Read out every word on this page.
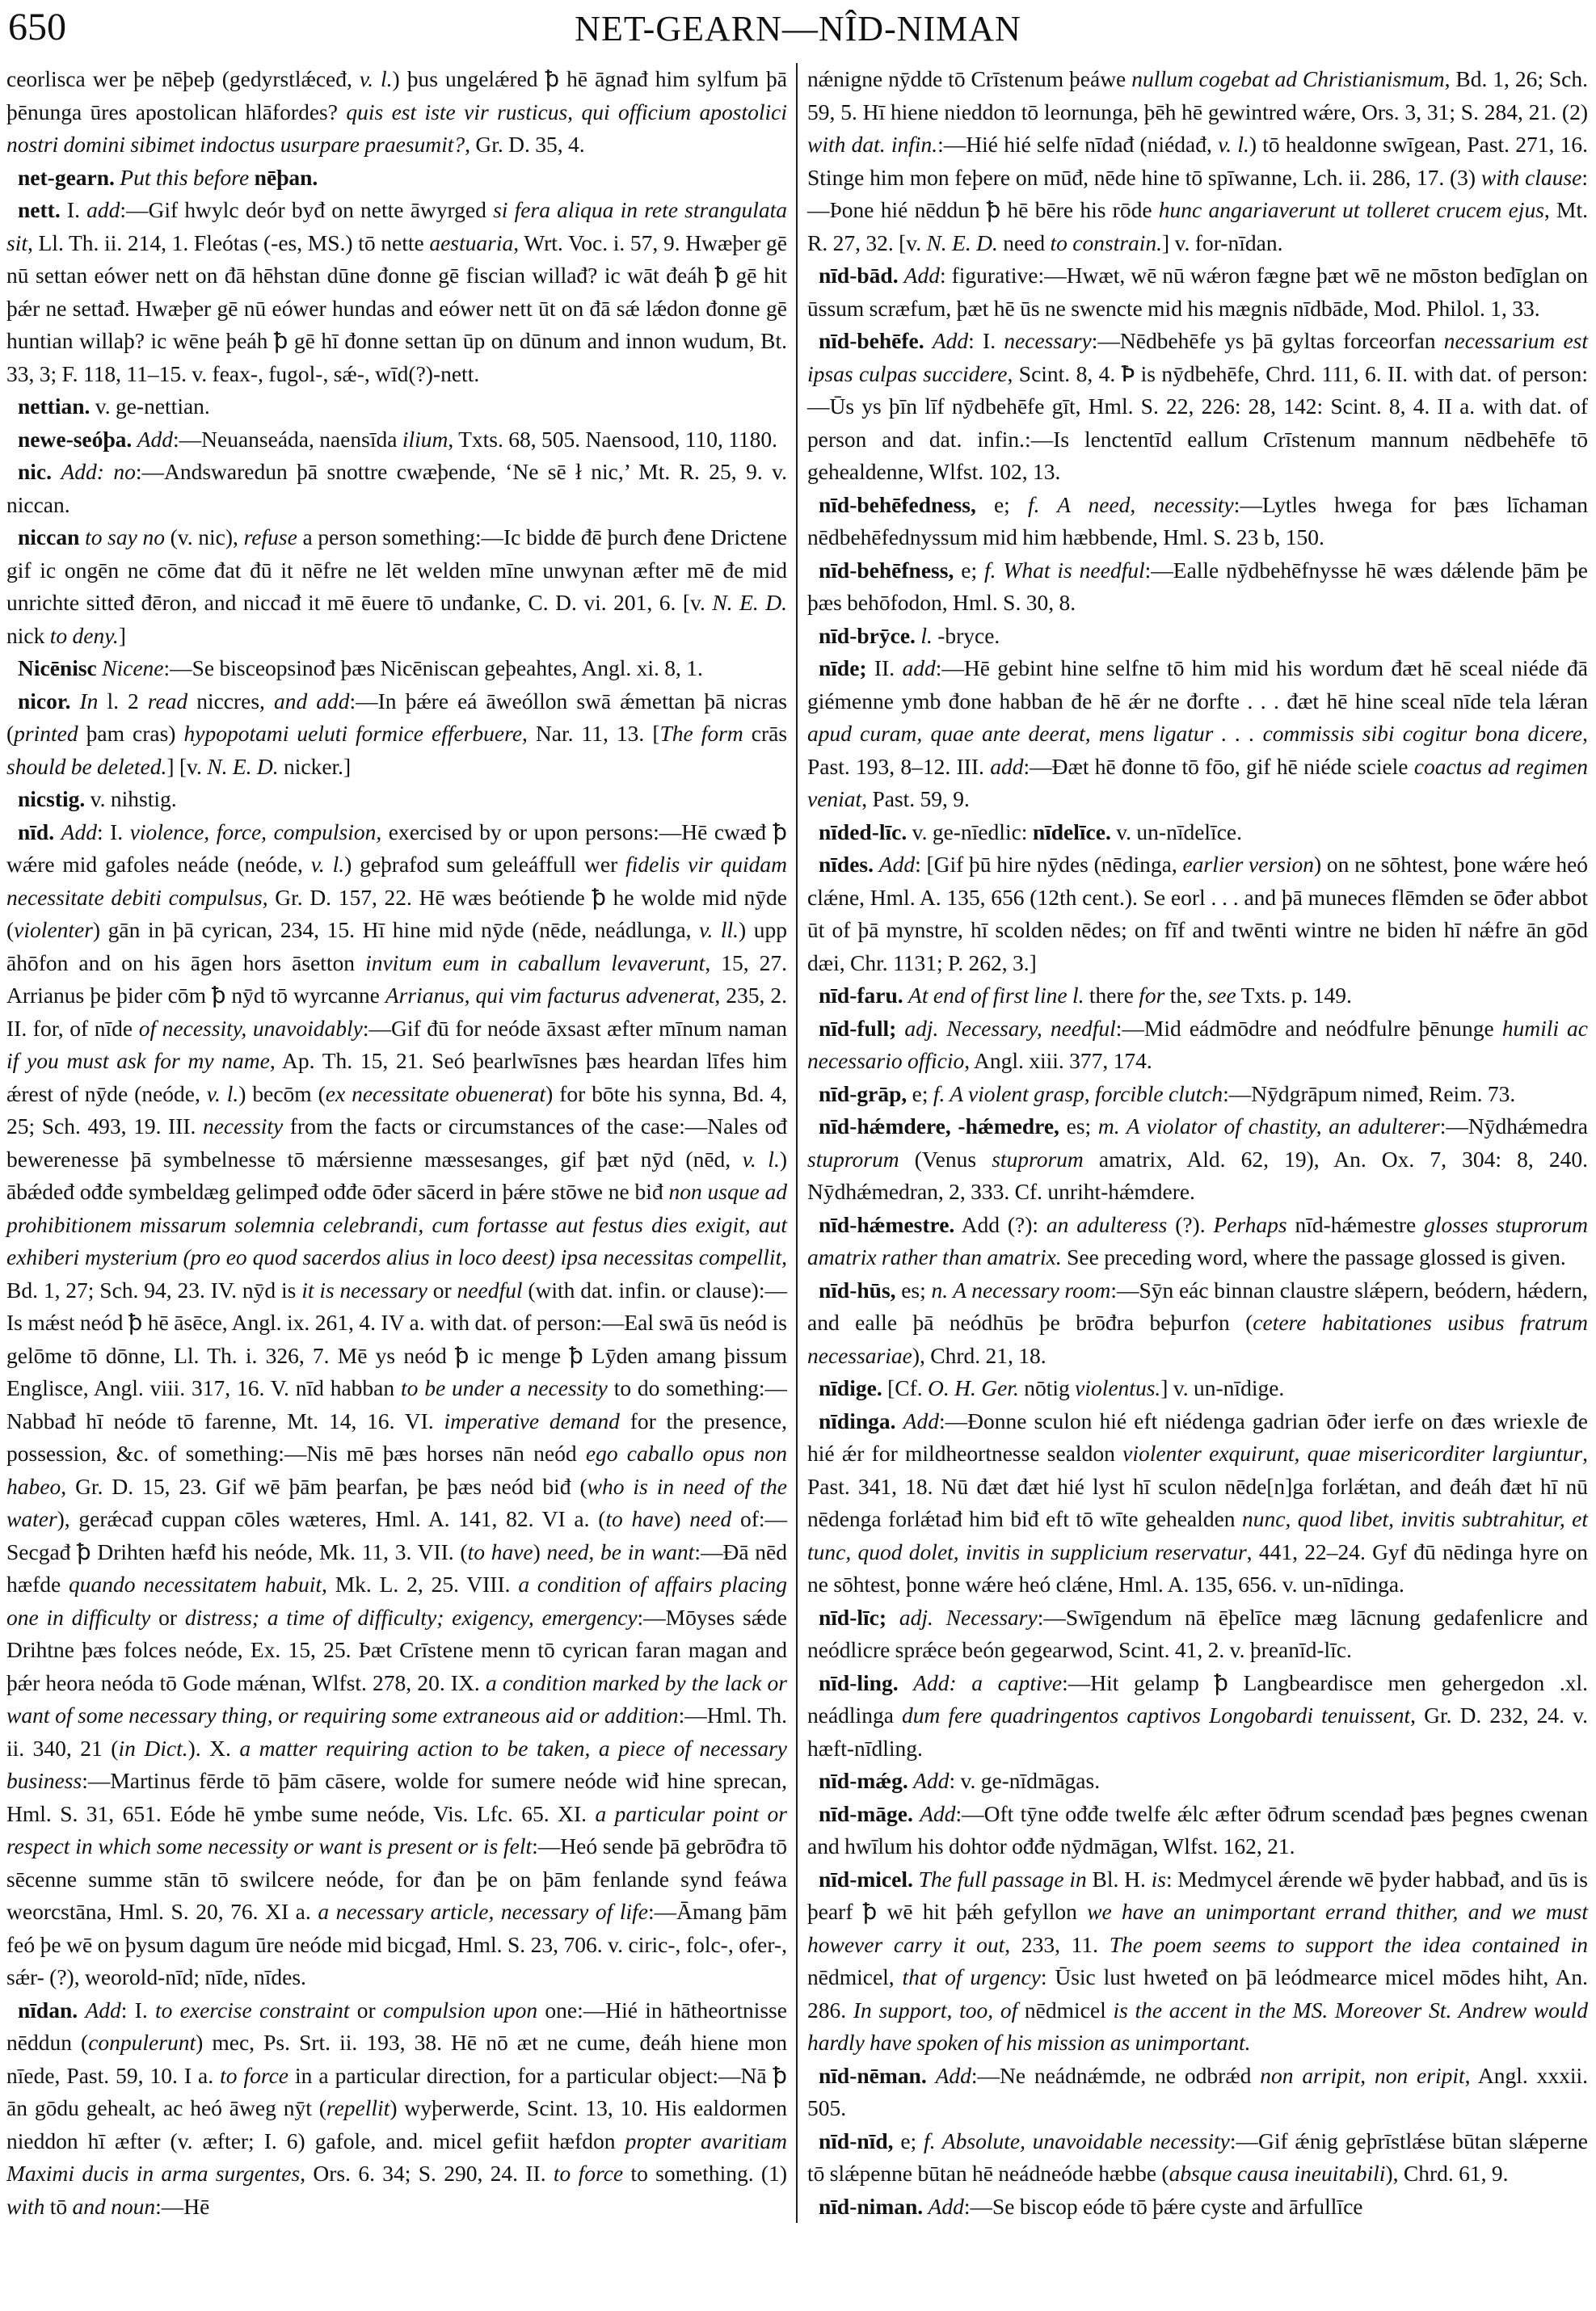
650	NET-GEARN—NÎD-NIMAN

ceorlisca wer þe nēþeþ (gedyrstlǽceđ, v. l.) þus ungelǽred ꝥ hē āgnađ him sylfum þā þēnunga ūres apostolican hlāfordes? quis est iste vir rusticus, qui officium apostolici nostri domini sibimet indoctus usurpare praesumit?, Gr. D. 35, 4.

net-gearn. Put this before nēþan.

nett. I. add:—Gif hwylc deór byđ on nette āwyrged si fera aliqua in rete strangulata sit, Ll. Th. ii. 214, 1. Fleótas (-es, MS.) tō nette aestuaria, Wrt. Voc. i. 57, 9. Hwæþer gē nū settan eówer nett on đā hēhstan dūne đonne gē fiscian willađ? ic wāt đeáh ꝥ gē hit þǽr ne settađ. Hwæþer gē nū eówer hundas and eówer nett ūt on đā sǽ lǽdon đonne gē huntian willaþ? ic wēne þeáh ꝥ gē hī đonne settan ūp on dūnum and innon wudum, Bt. 33, 3; F. 118, 11–15. v. feax-, fugol-, sǽ-, wīd(?)-nett.

nettian. v. ge-nettian.

newe-seóþa. Add:—Neuanseáda, naensīda ilium, Txts. 68, 505. Naensood, 110, 1180.

nic. Add: no:—Andswaredun þā snottre cwæþende, ‘Ne sē ł nic,’ Mt. R. 25, 9. v. niccan.

niccan to say no (v. nic), refuse a person something:—Ic bidde đē þurch đene Drictene gif ic ongēn ne cōme đat đū it nēfre ne lēt welden mīne unwynan æfter mē đe mid unrichte sitteđ đēron, and niccađ it mē ēuere tō unđanke, C. D. vi. 201, 6. [v. N. E. D. nick to deny.]

Nicēnisc Nicene:—Se bisceopsinođ þæs Nicēniscan geþeahtes, Angl. xi. 8, 1.

nicor. In l. 2 read niccres, and add:—In þǽre eá āweóllon swā ǽmettan þā nicras (printed þam cras) hypopotami ueluti formice efferbuere, Nar. 11, 13. [The form crās should be deleted.] [v. N. E. D. nicker.]

nicstig. v. nihstig.

nīd. Add: I. violence, force, compulsion, exercised by or upon persons:—Hē cwæđ ꝥ wǽre mid gafoles neáde (neóde, v. l.) geþrafod sum geleáffull wer fidelis vir quidam necessitate debiti compulsus, Gr. D. 157, 22. Hē wæs beótiende ꝥ he wolde mid nȳde (violenter) gān in þā cyrican, 234, 15. Hī hine mid nȳde (nēde, neádlunga, v. ll.) upp āhōfon and on his āgen hors āsetton invitum eum in caballum levaverunt, 15, 27. Arrianus þe þider cōm ꝥ nȳd tō wyrcanne Arrianus, qui vim facturus advenerat, 235, 2. II. for, of nīde of necessity, unavoidably:—Gif đū for neóde āxsast æfter mīnum naman if you must ask for my name, Ap. Th. 15, 21. Seó þearlwīsnes þæs heardan līfes him ǽrest of nȳde (neóde, v. l.) becōm (ex necessitate obuenerat) for bōte his synna, Bd. 4, 25; Sch. 493, 19. III. necessity from the facts or circumstances of the case:—Nales ođ bewerenesse þā symbelnesse tō mǽrsienne mæssesanges, gif þæt nȳd (nēd, v. l.) ābǽdeđ ođđe symbeldæg gelimpeđ ođđe ōđer sācerd in þǽre stōwe ne biđ non usque ad prohibitionem missarum solemnia celebrandi, cum fortasse aut festus dies exigit, aut exhiberi mysterium (pro eo quod sacerdos alius in loco deest) ipsa necessitas compellit, Bd. 1, 27; Sch. 94, 23. IV. nȳd is it is necessary or needful (with dat. infin. or clause):—Is mǽst neód ꝥ hē āsēce, Angl. ix. 261, 4. IV a. with dat. of person:—Eal swā ūs neód is gelōme tō dōnne, Ll. Th. i. 326, 7. Mē ys neód ꝥ ic menge ꝥ Lȳden amang þissum Englisce, Angl. viii. 317, 16. V. nīd habban to be under a necessity to do something:—Nabbađ hī neóde tō farenne, Mt. 14, 16. VI. imperative demand for the presence, possession, &c. of something:—Nis mē þæs horses nān neód ego caballo opus non habeo, Gr. D. 15, 23. Gif wē þām þearfan, þe þæs neód biđ (who is in need of the water), gerǽcađ cuppan cōles wæteres, Hml. A. 141, 82. VI a. (to have) need of:—Secgađ ꝥ Drihten hæfđ his neóde, Mk. 11, 3. VII. (to have) need, be in want:—Đā nēd hæfde quando necessitatem habuit, Mk. L. 2, 25. VIII. a condition of affairs placing one in difficulty or distress; a time of difficulty; exigency, emergency:—Mōyses sǽde Drihtne þæs folces neóde, Ex. 15, 25. Þæt Crīstene menn tō cyrican faran magan and þǽr heora neóda tō Gode mǽnan, Wlfst. 278, 20. IX. a condition marked by the lack or want of some necessary thing, or requiring some extraneous aid or addition:—Hml. Th. ii. 340, 21 (in Dict.). X. a matter requiring action to be taken, a piece of necessary business:—Martinus fērde tō þām cāsere, wolde for sumere neóde wiđ hine sprecan, Hml. S. 31, 651. Eóde hē ymbe sume neóde, Vis. Lfc. 65. XI. a particular point or respect in which some necessity or want is present or is felt:—Heó sende þā gebrōđra tō sēcenne summe stān tō swilcere neóde, for đan þe on þām fenlande synd feáwa weorcstāna, Hml. S. 20, 76. XI a. a necessary article, necessary of life:—Āmang þām feó þe wē on þysum dagum ūre neóde mid bicgađ, Hml. S. 23, 706. v. ciric-, folc-, ofer-, sǽr- (?), weorold-nīd; nīde, nīdes.

nīdan. Add: I. to exercise constraint or compulsion upon one:—Hié in hātheortnisse nēddun (conpulerunt) mec, Ps. Srt. ii. 193, 38. Hē nō æt ne cume, đeáh hiene mon nīede, Past. 59, 10. I a. to force in a particular direction, for a particular object:—Nā ꝥ ān gōdu gehealt, ac heó āweg nȳt (repellit) wyþerwerde, Scint. 13, 10. His ealdormen nieddon hī æfter (v. æfter; I. 6) gafole, and. micel gefiit hæfdon propter avaritiam Maximi ducis in arma surgentes, Ors. 6. 34; S. 290, 24. II. to force to something. (1) with tō and noun:—Hē

nǽnigne nȳdde tō Crīstenum þeáwe nullum cogebat ad Christianismum, Bd. 1, 26; Sch. 59, 5. Hī hiene nieddon tō leornunga, þēh hē gewintred wǽre, Ors. 3, 31; S. 284, 21. (2) with dat. infin.:—Hié hié selfe nīdađ (niédađ, v. l.) tō healdonne swīgean, Past. 271, 16. Stinge him mon feþere on mūđ, nēde hine tō spīwanne, Lch. ii. 286, 17. (3) with clause:—Þone hié nēddun ꝥ hē bēre his rōde hunc angariaverunt ut tolleret crucem ejus, Mt. R. 27, 32. [v. N. E. D. need to constrain.] v. for-nīdan.

nīd-bād. Add: figurative:—Hwæt, wē nū wǽron fægne þæt wē ne mōston bedīglan on ūssum scræfum, þæt hē ūs ne swencte mid his mægnis nīdbāde, Mod. Philol. 1, 33.

nīd-behēfe. Add: I. necessary:—Nēdbehēfe ys þā gyltas forceorfan necessarium est ipsas culpas succidere, Scint. 8, 4. Ꝥ is nȳdbehēfe, Chrd. 111, 6. II. with dat. of person:—Ūs ys þīn līf nȳdbehēfe gīt, Hml. S. 22, 226: 28, 142: Scint. 8, 4. II a. with dat. of person and dat. infin.:—Is lenctentīd eallum Crīstenum mannum nēdbehēfe tō gehealdenne, Wlfst. 102, 13.

nīd-behēfedness, e; f. A need, necessity:—Lytles hwega for þæs līchaman nēdbehēfednyssum mid him hæbbende, Hml. S. 23 b, 150.

nīd-behēfness, e; f. What is needful:—Ealle nȳdbehēfnysse hē wæs dǽlende þām þe þæs behōfodon, Hml. S. 30, 8.

nīd-brȳce. l. -bryce.

nīde; II. add:—Hē gebint hine selfne tō him mid his wordum đæt hē sceal niéde đā giémenne ymb đone habban đe hē ǽr ne đorfte . . . đæt hē hine sceal nīde tela lǽran apud curam, quae ante deerat, mens ligatur . . . commissis sibi cogitur bona dicere, Past. 193, 8–12. III. add:—Đæt hē đonne tō fōo, gif hē niéde sciele coactus ad regimen veniat, Past. 59, 9.

nīded-līc. v. ge-nīedlic: nīdelīce. v. un-nīdelīce.

nīdes. Add: [Gif þū hire nȳdes (nēdinga, earlier version) on ne sōhtest, þone wǽre heó clǽne, Hml. A. 135, 656 (12th cent.). Se eorl . . . and þā muneces flēmden se ōđer abbot ūt of þā mynstre, hī scolden nēdes; on fīf and twēnti wintre ne biden hī nǽfre ān gōd dæi, Chr. 1131; P. 262, 3.]

nīd-faru. At end of first line l. there for the, see Txts. p. 149.

nīd-full; adj. Necessary, needful:—Mid eádmōdre and neódfulre þēnunge humili ac necessario officio, Angl. xiii. 377, 174.

nīd-grāp, e; f. A violent grasp, forcible clutch:—Nȳdgrāpum nimeđ, Reim. 73.

nīd-hǽmdere, -hǽmedre, es; m. A violator of chastity, an adulterer:—Nȳdhǽmedra stuprorum (Venus stuprorum amatrix, Ald. 62, 19), An. Ox. 7, 304: 8, 240. Nȳdhǽmedran, 2, 333. Cf. unriht-hǽmdere.

nīd-hǽmestre. Add (?): an adulteress (?). Perhaps nīd-hǽmestre glosses stuprorum amatrix rather than amatrix. See preceding word, where the passage glossed is given.

nīd-hūs, es; n. A necessary room:—Sȳn eác binnan claustre slǽpern, beódern, hǽdern, and ealle þā neódhūs þe brōđra beþurfon (cetere habitationes usibus fratrum necessariae), Chrd. 21, 18.

nīdige. [Cf. O. H. Ger. nōtig violentus.] v. un-nīdige.

nīdinga. Add:—Đonne sculon hié eft niédenga gadrian ōđer ierfe on đæs wriexle đe hié ǽr for mildheortnesse sealdon violenter exquirunt, quae misericorditer largiuntur, Past. 341, 18. Nū đæt đæt hié lyst hī sculon nēde[n]ga forlǽtan, and đeáh đæt hī nū nēdenga forlǽtađ him biđ eft tō wīte gehealden nunc, quod libet, invitis subtrahitur, et tunc, quod dolet, invitis in supplicium reservatur, 441, 22–24. Gyf đū nēdinga hyre on ne sōhtest, þonne wǽre heó clǽne, Hml. A. 135, 656. v. un-nīdinga.

nīd-līc; adj. Necessary:—Swīgendum nā ēþelīce mæg lācnung gedafenlicre and neódlicre sprǽce beón gegearwod, Scint. 41, 2. v. þreanīd-līc.

nīd-ling. Add: a captive:—Hit gelamp ꝥ Langbeardisce men gehergedon .xl. neádlinga dum fere quadringentos captivos Longobardi tenuissent, Gr. D. 232, 24. v. hæft-nīdling.

nīd-mǽg. Add: v. ge-nīdmāgas.

nīd-māge. Add:—Oft tȳne ođđe twelfe ǽlc æfter ōđrum scendađ þæs þegnes cwenan and hwīlum his dohtor ođđe nȳdmāgan, Wlfst. 162, 21.

nīd-micel. The full passage in Bl. H. is: Medmycel ǽrende wē þyder habbađ, and ūs is þearf ꝥ wē hit þǽh gefyllon we have an unimportant errand thither, and we must however carry it out, 233, 11. The poem seems to support the idea contained in nēdmicel, that of urgency: Ūsic lust hweteđ on þā leódmearce micel mōdes hiht, An. 286. In support, too, of nēdmicel is the accent in the MS. Moreover St. Andrew would hardly have spoken of his mission as unimportant.

nīd-nēman. Add:—Ne neádnǽmde, ne odbrǽd non arripit, non eripit, Angl. xxxii. 505.

nīd-nīd, e; f. Absolute, unavoidable necessity:—Gif ǽnig geþrīstlǽse būtan slǽperne tō slǽpenne būtan hē neádneóde hæbbe (absque causa ineuitabili), Chrd. 61, 9.

nīd-niman. Add:—Se biscop eóde tō þǽre cyste and ārfullīce
